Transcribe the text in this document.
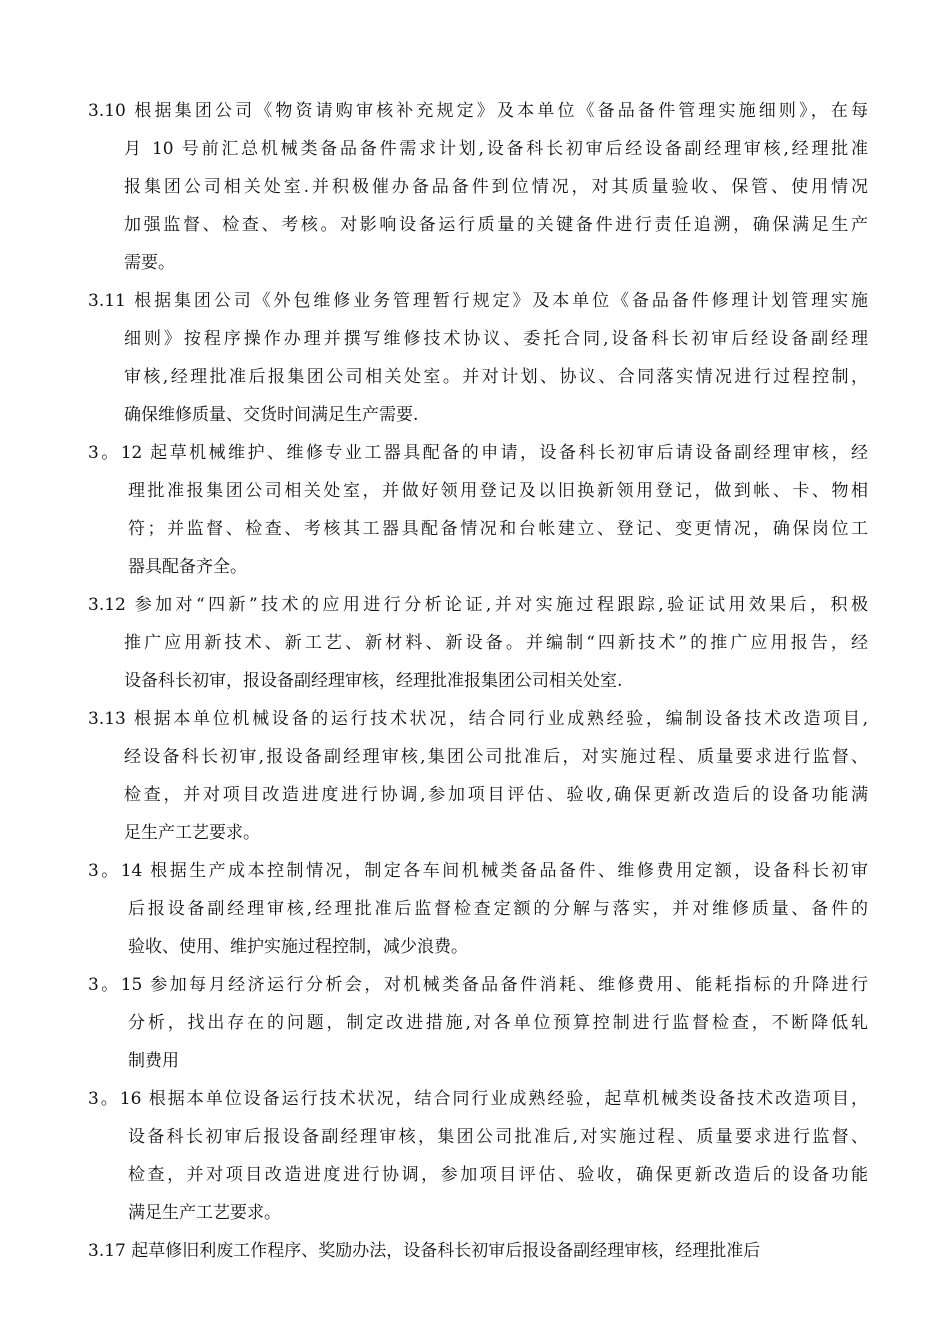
3.10 根据集团公司《物资请购审核补充规定》及本单位《备品备件管理实施细则》，在每
月 10 号前汇总机械类备品备件需求计划,设备科长初审后经设备副经理审核,经理批准
报集团公司相关处室.并积极催办备品备件到位情况，对其质量验收、保管、使用情况
加强监督、检查、考核。对影响设备运行质量的关键备件进行责任追溯，确保满足生产
需要。
3.11 根据集团公司《外包维修业务管理暂行规定》及本单位《备品备件修理计划管理实施
细则》按程序操作办理并撰写维修技术协议、委托合同,设备科长初审后经设备副经理
审核,经理批准后报集团公司相关处室。并对计划、协议、合同落实情况进行过程控制，
确保维修质量、交货时间满足生产需要.
3。12 起草机械维护、维修专业工器具配备的申请，设备科长初审后请设备副经理审核，经
理批准报集团公司相关处室，并做好领用登记及以旧换新领用登记，做到帐、卡、物相
符；并监督、检查、考核其工器具配备情况和台帐建立、登记、变更情况，确保岗位工
器具配备齐全。
3.12 参加对“四新”技术的应用进行分析论证,并对实施过程跟踪,验证试用效果后，积极
推广应用新技术、新工艺、新材料、新设备。并编制“四新技术”的推广应用报告，经
设备科长初审，报设备副经理审核，经理批准报集团公司相关处室.
3.13 根据本单位机械设备的运行技术状况，结合同行业成熟经验，编制设备技术改造项目,
经设备科长初审,报设备副经理审核,集团公司批准后，对实施过程、质量要求进行监督、
检查，并对项目改造进度进行协调,参加项目评估、验收,确保更新改造后的设备功能满
足生产工艺要求。
3。14 根据生产成本控制情况，制定各车间机械类备品备件、维修费用定额，设备科长初审
后报设备副经理审核,经理批准后监督检查定额的分解与落实，并对维修质量、备件的
验收、使用、维护实施过程控制，减少浪费。
3。15 参加每月经济运行分析会，对机械类备品备件消耗、维修费用、能耗指标的升降进行
分析，找出存在的问题，制定改进措施,对各单位预算控制进行监督检查，不断降低轧
制费用
3。16 根据本单位设备运行技术状况，结合同行业成熟经验，起草机械类设备技术改造项目，
设备科长初审后报设备副经理审核，集团公司批准后,对实施过程、质量要求进行监督、
检查，并对项目改造进度进行协调，参加项目评估、验收，确保更新改造后的设备功能
满足生产工艺要求。
3.17 起草修旧利废工作程序、奖励办法，设备科长初审后报设备副经理审核，经理批准后
